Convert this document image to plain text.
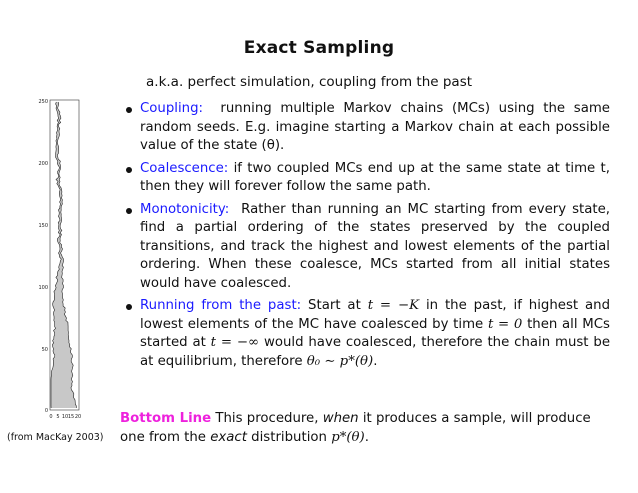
Exact Sampling
a.k.a. perfect simulation, coupling from the past
Coupling: running multiple Markov chains (MCs) using the same random seeds. E.g. imagine starting a Markov chain at each possible value of the state (θ).
Coalescence: if two coupled MCs end up at the same state at time t, then they will forever follow the same path.
Monotonicity: Rather than running an MC starting from every state, find a partial ordering of the states preserved by the coupled transitions, and track the highest and lowest elements of the partial ordering. When these coalesce, MCs started from all initial states would have coalesced.
Running from the past: Start at t = −K in the past, if highest and lowest elements of the MC have coalesced by time t = 0 then all MCs started at t = −∞ would have coalesced, therefore the chain must be at equilibrium, therefore θ₀ ∼ p*(θ).
Bottom Line This procedure, when it produces a sample, will produce one from the exact distribution p*(θ).
250
200
150
100
50
0
0 5 10 15 20
(from MacKay 2003)
